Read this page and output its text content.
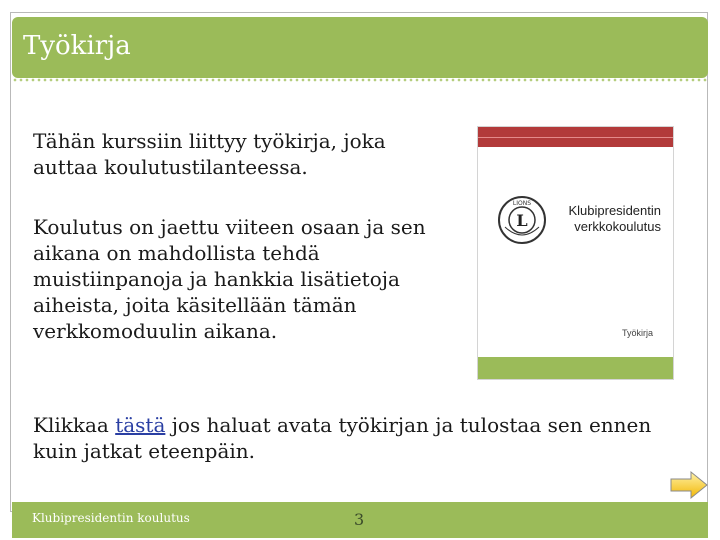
Työkirja
Tähän kurssiin liittyy työkirja, joka auttaa koulutustilanteessa.
Koulutus on jaettu viiteen osaan ja sen aikana on mahdollista tehdä muistiinpanoja ja hankkia lisätietoja aiheista, joita käsitellään tämän verkkomoduulin aikana.
Klikkaa tästä jos haluat avata työkirjan ja tulostaa sen ennen kuin jatkat eteenpäin.
L
LIONS	Klubipresidentin verkkokoulutus
Työkirja
Klubipresidentin koulutus	3
